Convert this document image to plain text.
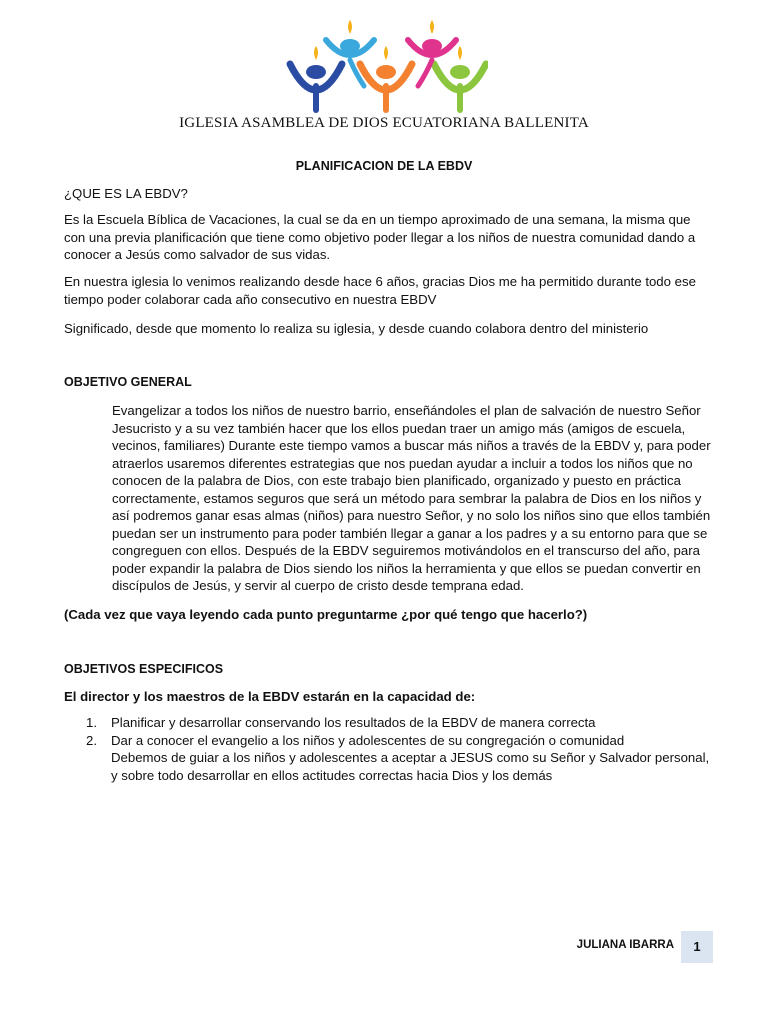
IGLESIA ASAMBLEA DE DIOS ECUATORIANA BALLENITA
PLANIFICACION DE LA EBDV
¿QUE ES LA EBDV?
Es la Escuela Bíblica de Vacaciones, la cual se da en un tiempo aproximado de una semana, la misma que con una previa planificación que tiene como objetivo poder llegar a los niños de nuestra comunidad dando a conocer a Jesús como salvador de sus vidas.
En nuestra iglesia lo venimos realizando desde hace 6 años, gracias Dios me ha permitido durante todo ese tiempo poder colaborar cada año consecutivo en nuestra EBDV
Significado, desde que momento lo realiza su iglesia, y desde cuando colabora dentro del ministerio
OBJETIVO GENERAL
Evangelizar a todos los niños de nuestro barrio, enseñándoles el plan de salvación de nuestro Señor Jesucristo y a su vez también hacer que los ellos puedan traer un amigo más (amigos de escuela, vecinos, familiares) Durante este tiempo vamos a buscar más niños a través de la EBDV y, para poder atraerlos usaremos diferentes estrategias que nos puedan ayudar a incluir a todos los niños que no conocen de la palabra de Dios, con este trabajo bien planificado, organizado y puesto en práctica correctamente, estamos seguros que será un método para sembrar la palabra de Dios en los niños y así podremos ganar esas almas (niños) para nuestro Señor, y no solo los niños sino que ellos también puedan ser un instrumento para poder también llegar a ganar a los padres y a su entorno para que se congreguen con ellos. Después de la EBDV seguiremos motivándolos en el transcurso del año, para poder expandir la palabra de Dios siendo los niños la herramienta y que ellos se puedan convertir en discípulos de Jesús, y servir al cuerpo de cristo desde temprana edad.
(Cada vez que vaya leyendo cada punto preguntarme ¿por qué tengo que hacerlo?)
OBJETIVOS ESPECIFICOS
El director y los maestros de la EBDV estarán en la capacidad de:
1. Planificar y desarrollar conservando los resultados de la EBDV de manera correcta
2. Dar a conocer el evangelio a los niños y adolescentes de su congregación o comunidad
Debemos de guiar a los niños y adolescentes a aceptar a JESUS como su Señor y Salvador personal, y sobre todo desarrollar en ellos actitudes correctas hacia Dios y los demás
JULIANA IBARRA	1
